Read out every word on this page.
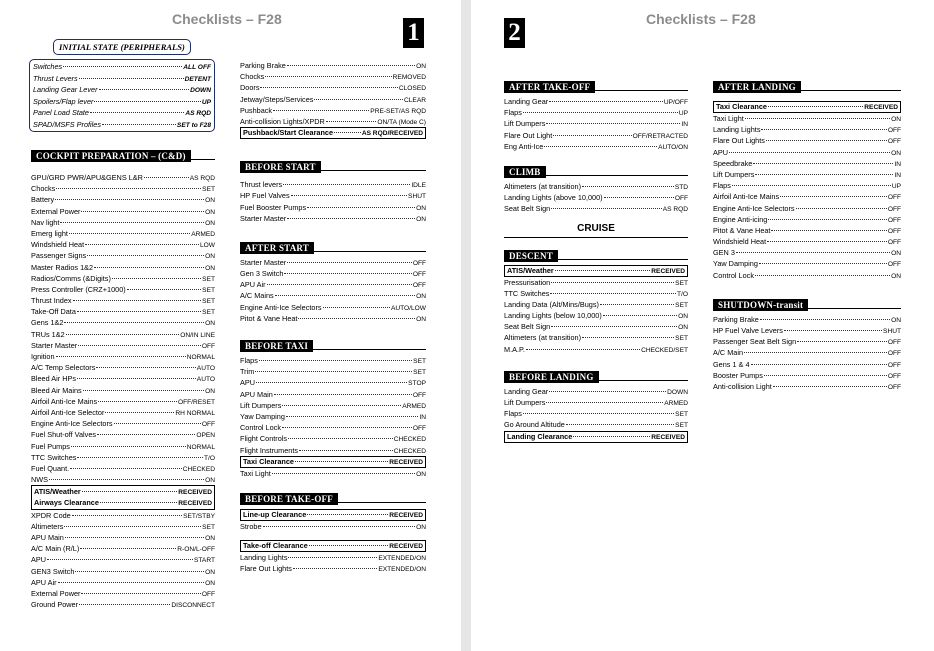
Checklists – F28	1
INITIAL STATE (PERIPHERALS)
Switches	ALL OFF
Thrust Levers	DETENT
Landing Gear Lever	DOWN
Spoilers/Flap lever	UP
Panel Load State	AS RQD
SPAD/MSFS Profiles	SET to F28
COCKPIT PREPARATION – (C&D)
GPU/GRD PWR/APU&GENS L&R	AS RQD
Chocks	SET
Battery	ON
External Power	ON
Nav light	ON
Emerg light	ARMED
Windshield Heat	LOW
Passenger Signs	ON
Master Radios 1&2	ON
Radios/Comms (&Digits)	SET
Press Controller (CRZ+1000)	SET
Thrust Index	SET
Take-Off Data	SET
Gens 1&2	ON
TRUs 1&2	ON/IN LINE
Starter Master	OFF
Ignition	NORMAL
A/C Temp Selectors	AUTO
Bleed Air HPs	AUTO
Bleed Air Mains	ON
Airfoil Anti-Ice Mains	OFF/RESET
Airfoil Anti-Ice Selector	RH NORMAL
Engine Anti-Ice Selectors	OFF
Fuel Shut-off Valves	OPEN
Fuel Pumps	NORMAL
TTC Switches	T/O
Fuel Quant.	CHECKED
NWS	ON
ATIS/Weather	RECEIVED
Airways Clearance	RECEIVED
XPDR Code	SET/STBY
Altimeters	SET
APU Main	ON
A/C Main (R/L)	R-ON/L-OFF
APU	START
GEN3 Switch	ON
APU Air	ON
External Power	OFF
Ground Power	DISCONNECT
Parking Brake	ON
Chocks	REMOVED
Doors	CLOSED
Jetway/Steps/Services	CLEAR
Pushback	PRE-SET/AS RQD
Anti-collision Lights/XPDR	ON/TA (Mode C)
Pushback/Start Clearance	AS RQD/RECEIVED
BEFORE START
Thrust levers	IDLE
HP Fuel Valves	SHUT
Fuel Booster Pumps	ON
Starter Master	ON
AFTER START
Starter Master	OFF
Gen 3 Switch	OFF
APU Air	OFF
A/C Mains	ON
Engine Anti-Ice Selectors	AUTO/LOW
Pitot & Vane Heat	ON
BEFORE TAXI
Flaps	SET
Trim	SET
APU	STOP
APU Main	OFF
Lift Dumpers	ARMED
Yaw Damping	IN
Control Lock	OFF
Flight Controls	CHECKED
Flight Instruments	CHECKED
Taxi Clearance	RECEIVED
Taxi Light	ON
BEFORE TAKE-OFF
Line-up Clearance	RECEIVED
Strobe	ON
Take-off Clearance	RECEIVED
Landing Lights	EXTENDED/ON
Flare Out Lights	EXTENDED/ON
Checklists – F28
2
AFTER TAKE-OFF
Landing Gear	UP/OFF
Flaps	UP
Lift Dumpers	IN
Flare Out Light	OFF/RETRACTED
Eng Anti-Ice	AUTO/ON
CLIMB
Altimeters (at transition)	STD
Landing Lights (above 10,000)	OFF
Seat Belt Sign	AS RQD
CRUISE
DESCENT
ATIS/Weather	RECEIVED
Pressurisation	SET
TTC Switches	T/O
Landing Data (Alt/Mins/Bugs)	SET
Landing Lights (below 10,000)	ON
Seat Belt Sign	ON
Altimeters (at transition)	SET
M.A.P.	CHECKED/SET
BEFORE LANDING
Landing Gear	DOWN
Lift Dumpers	ARMED
Flaps	SET
Go Around Altitude	SET
Landing Clearance	RECEIVED
AFTER LANDING
Taxi Clearance	RECEIVED
Taxi Light	ON
Landing Lights	OFF
Flare Out Lights	OFF
APU	ON
Speedbrake	IN
Lift Dumpers	IN
Flaps	UP
Airfoil Anti-Ice Mains	OFF
Engine Anti-Ice Selectors	OFF
Engine Anti-icing	OFF
Pitot & Vane Heat	OFF
Windshield Heat	OFF
GEN 3	ON
Yaw Damping	OFF
Control Lock	ON
SHUTDOWN-transit
Parking Brake	ON
HP Fuel Valve Levers	SHUT
Passenger Seat Belt Sign	OFF
A/C Main	OFF
Gens 1 & 4	OFF
Booster Pumps	OFF
Anti-collision Light	OFF
